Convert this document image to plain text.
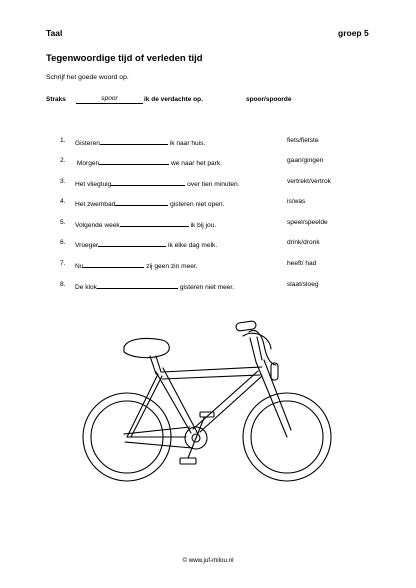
Taal	groep 5
Tegenwoordige tijd of verleden tijd
Schrijf het goede woord op.
Straks	spoor	ik de verdachte op.	spoor/spoorde
1. Gisteren	ik naar huis.	fiets/fietste
2. Morgen	we naar het park.	gaan/gingen
3. Het vliegtuig	over tien minuten.	vertrekt/vertrok
4. Het zwembad	gisteren niet open.	is/was
5. Volgende week	ik bij jou.	speel/speelde
6. Vroeger	ik elke dag melk.	drink/dronk
7. Nu	zij geen zin meer.	heeft/ had
8. De klok	gisteren niet meer.	slaat/sloeg
© www.juf-milou.nl
